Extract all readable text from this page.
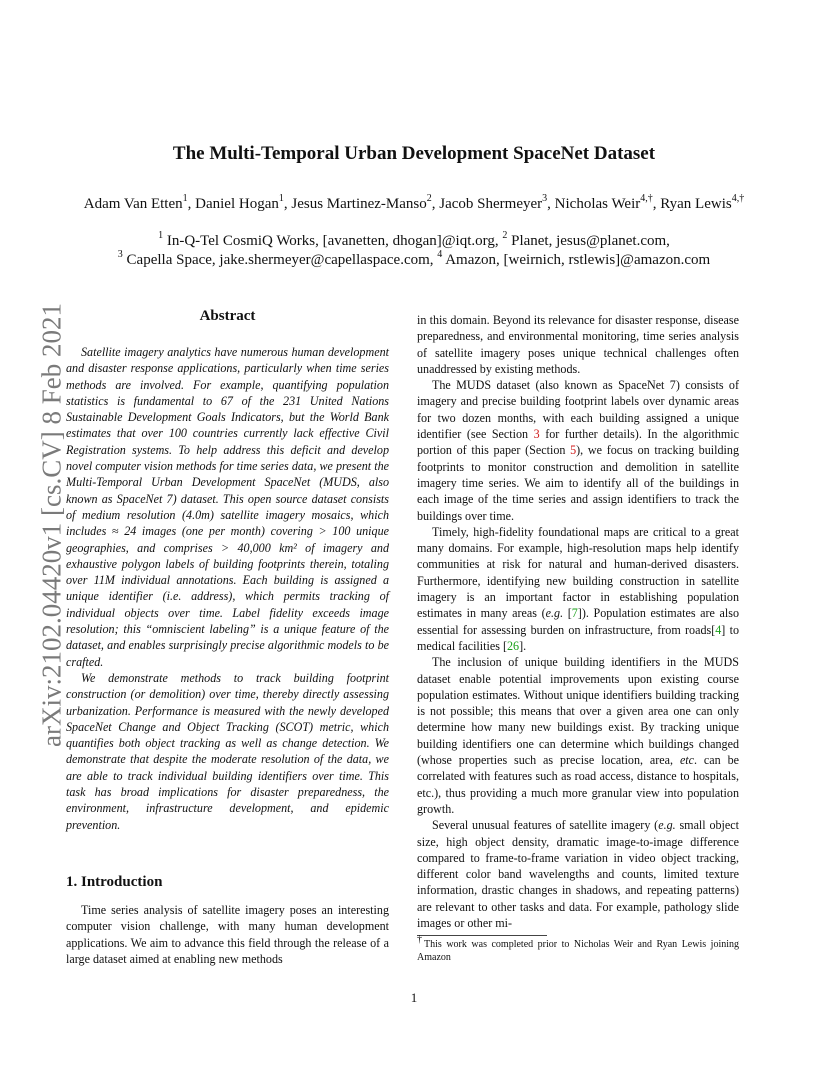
arXiv:2102.04420v1 [cs.CV] 8 Feb 2021
The Multi-Temporal Urban Development SpaceNet Dataset
Adam Van Etten$^1$, Daniel Hogan$^1$, Jesus Martinez-Manso$^2$, Jacob Shermeyer$^3$, Nicholas Weir$^{4,\dagger}$, Ryan Lewis$^{4,\dagger}$
$^1$ In-Q-Tel CosmiQ Works, [avanetten, dhogan]@iqt.org, $^2$ Planet, jesus@planet.com,
$^3$ Capella Space, jake.shermeyer@capellaspace.com, $^4$ Amazon, [weirnich, rstlewis]@amazon.com
Abstract

Satellite imagery analytics have numerous human development and disaster response applications, particularly when time series methods are involved. For example, quantifying population statistics is fundamental to 67 of the 231 United Nations Sustainable Development Goals Indicators, but the World Bank estimates that over 100 countries currently lack effective Civil Registration systems. To help address this deficit and develop novel computer vision methods for time series data, we present the Multi-Temporal Urban Development SpaceNet (MUDS, also known as SpaceNet 7) dataset. This open source dataset consists of medium resolution (4.0m) satellite imagery mosaics, which includes ≈ 24 images (one per month) covering > 100 unique geographies, and comprises > 40,000 km² of imagery and exhaustive polygon labels of building footprints therein, totaling over 11M individual annotations. Each building is assigned a unique identifier (i.e. address), which permits tracking of individual objects over time. Label fidelity exceeds image resolution; this “omniscient labeling” is a unique feature of the dataset, and enables surprisingly precise algorithmic models to be crafted.

We demonstrate methods to track building footprint construction (or demolition) over time, thereby directly assessing urbanization. Performance is measured with the newly developed SpaceNet Change and Object Tracking (SCOT) metric, which quantifies both object tracking as well as change detection. We demonstrate that despite the moderate resolution of the data, we are able to track individual building identifiers over time. This task has broad implications for disaster preparedness, the environment, infrastructure development, and epidemic prevention.

1. Introduction

Time series analysis of satellite imagery poses an interesting computer vision challenge, with many human development applications. We aim to advance this field through the release of a large dataset aimed at enabling new methods

in this domain. Beyond its relevance for disaster response, disease preparedness, and environmental monitoring, time series analysis of satellite imagery poses unique technical challenges often unaddressed by existing methods.

The MUDS dataset (also known as SpaceNet 7) consists of imagery and precise building footprint labels over dynamic areas for two dozen months, with each building assigned a unique identifier (see Section 3 for further details). In the algorithmic portion of this paper (Section 5), we focus on tracking building footprints to monitor construction and demolition in satellite imagery time series. We aim to identify all of the buildings in each image of the time series and assign identifiers to track the buildings over time.

Timely, high-fidelity foundational maps are critical to a great many domains. For example, high-resolution maps help identify communities at risk for natural and human-derived disasters. Furthermore, identifying new building construction in satellite imagery is an important factor in establishing population estimates in many areas (e.g. [7]). Population estimates are also essential for assessing burden on infrastructure, from roads[4] to medical facilities [26].

The inclusion of unique building identifiers in the MUDS dataset enable potential improvements upon existing course population estimates. Without unique identifiers building tracking is not possible; this means that over a given area one can only determine how many new buildings exist. By tracking unique building identifiers one can determine which buildings changed (whose properties such as precise location, area, etc. can be correlated with features such as road access, distance to hospitals, etc.), thus providing a much more granular view into population growth.

Several unusual features of satellite imagery (e.g. small object size, high object density, dramatic image-to-image difference compared to frame-to-frame variation in video object tracking, different color band wavelengths and counts, limited texture information, drastic changes in shadows, and repeating patterns) are relevant to other tasks and data. For example, pathology slide images or other mi-

†This work was completed prior to Nicholas Weir and Ryan Lewis joining Amazon
1
